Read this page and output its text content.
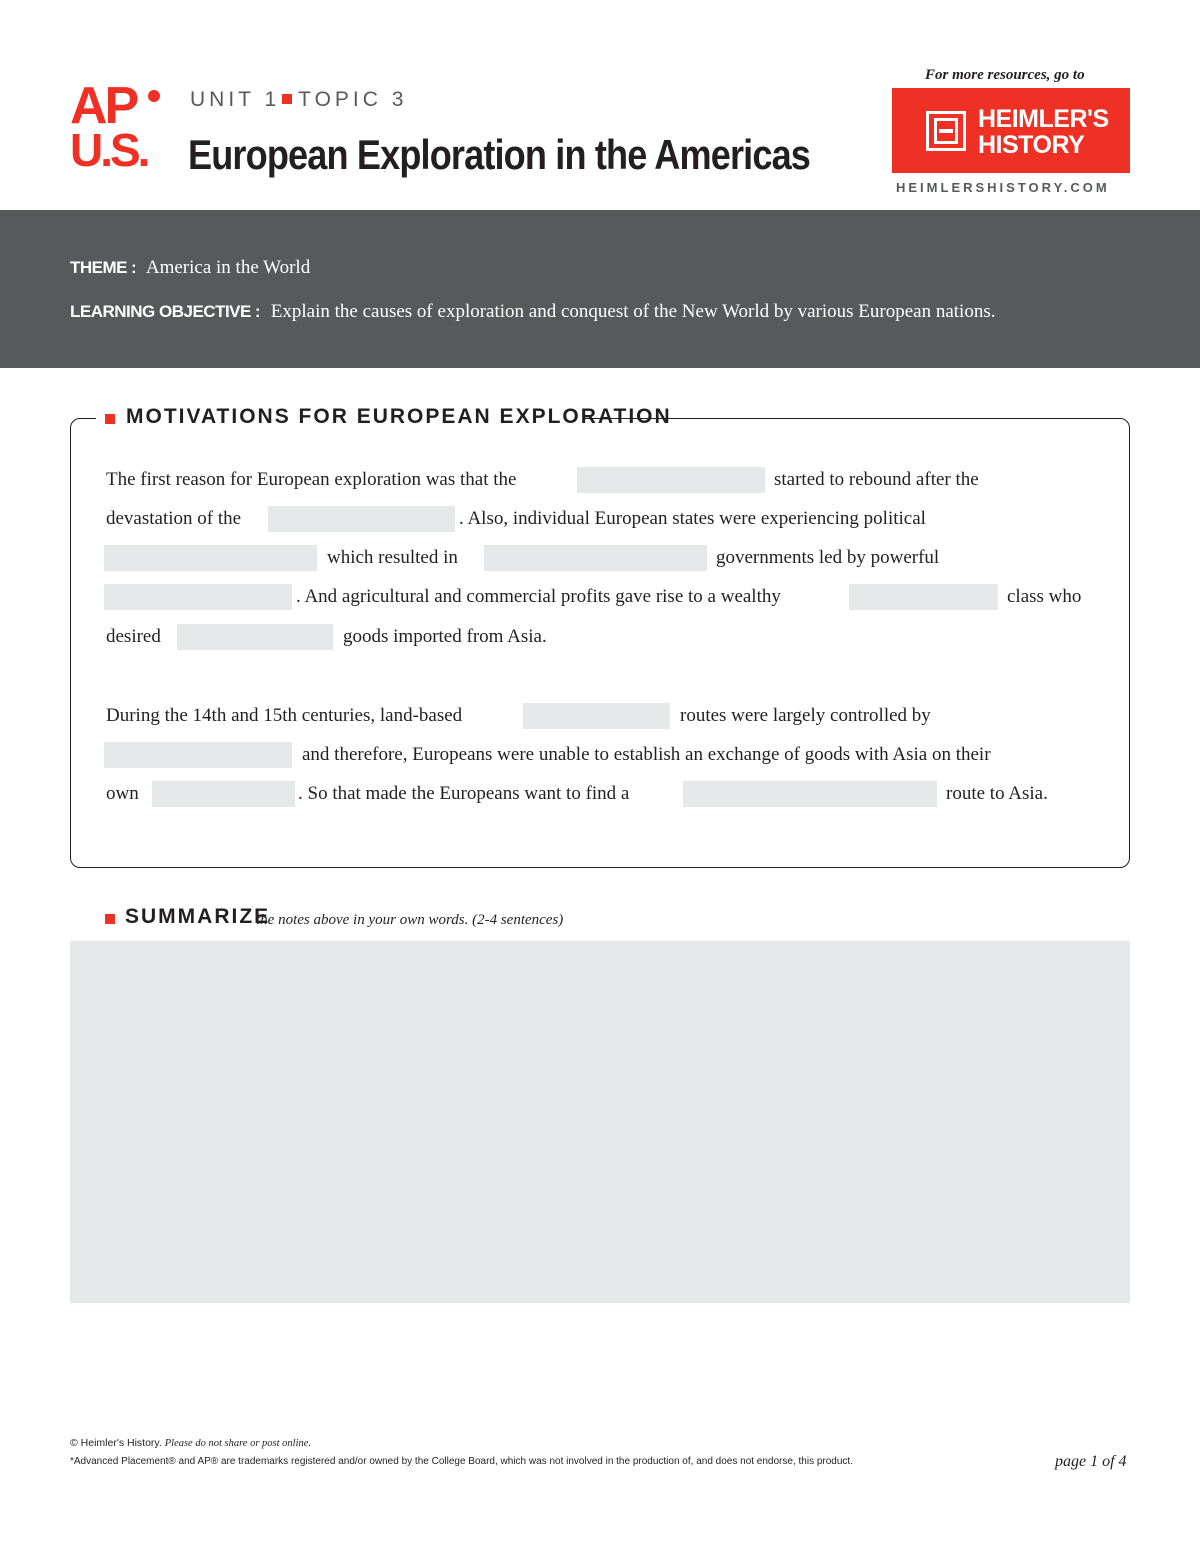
AP
U.S.
UNIT 1 TOPIC 3
European Exploration in the Americas
For more resources, go to
HEIMLER'S
HISTORY
HEIMLERSHISTORY.COM
THEME : America in the World
LEARNING OBJECTIVE : Explain the causes of exploration and conquest of the New World by various European nations.
MOTIVATIONS FOR EUROPEAN EXPLORATION
The first reason for European exploration was that the	started to rebound after the
devastation of the	. Also, individual European states were experiencing political
which resulted in	governments led by powerful
. And agricultural and commercial profits gave rise to a wealthy	class who
desired	goods imported from Asia.
During the 14th and 15th centuries, land-based	routes were largely controlled by
and therefore, Europeans were unable to establish an exchange of goods with Asia on their
own	. So that made the Europeans want to find a	route to Asia.
SUMMARIZE
the notes above in your own words. (2-4 sentences)
© Heimler's History. Please do not share or post online.
*Advanced Placement® and AP® are trademarks registered and/or owned by the College Board, which was not involved in the production of, and does not endorse, this product.	page 1 of 4
